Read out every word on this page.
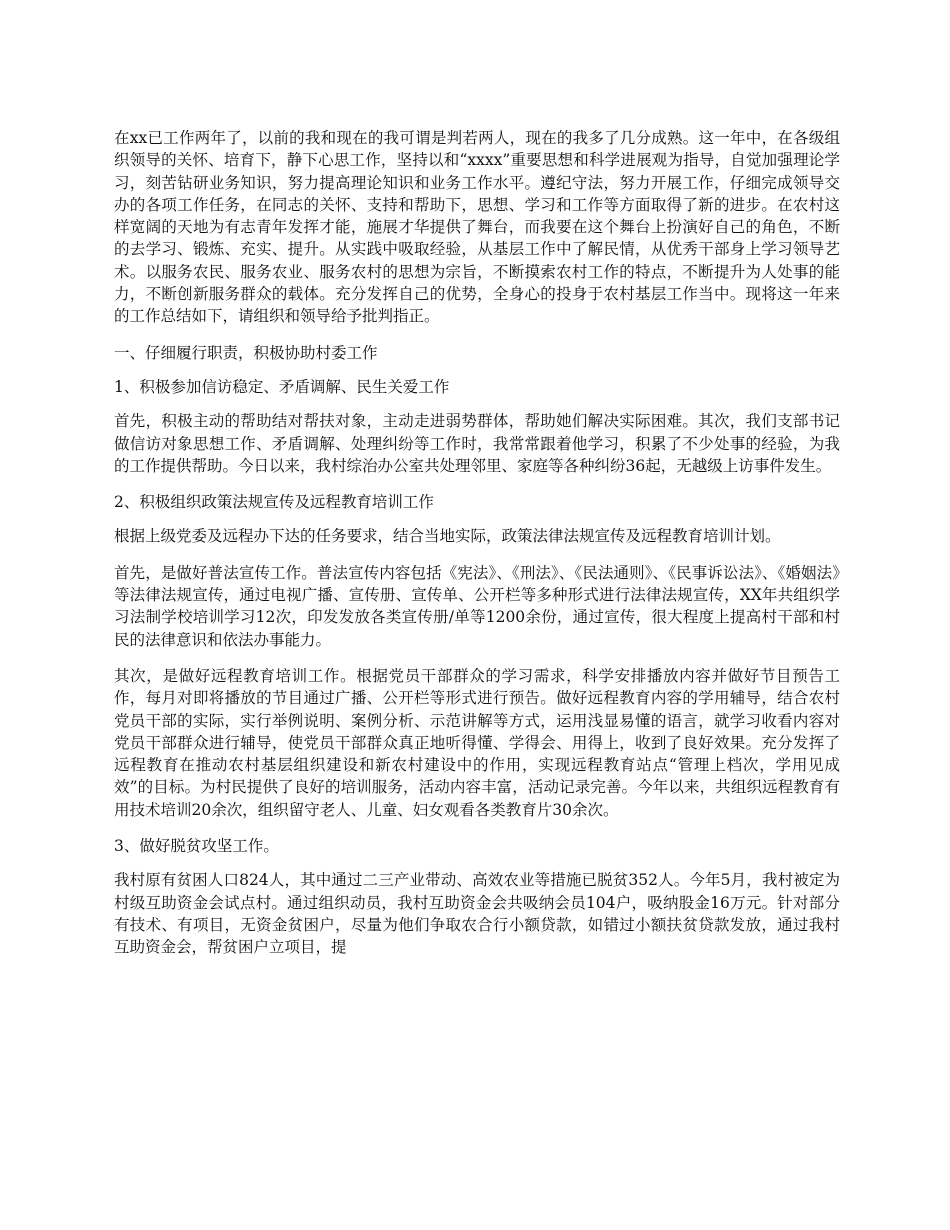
在xx已工作两年了，以前的我和现在的我可谓是判若两人，现在的我多了几分成熟。这一年中，在各级组织领导的关怀、培育下，静下心思工作，坚持以和“xxxx”重要思想和科学进展观为指导，自觉加强理论学习，刻苦钻研业务知识，努力提高理论知识和业务工作水平。遵纪守法，努力开展工作，仔细完成领导交办的各项工作任务，在同志的关怀、支持和帮助下，思想、学习和工作等方面取得了新的进步。在农村这样宽阔的天地为有志青年发挥才能，施展才华提供了舞台，而我要在这个舞台上扮演好自己的角色，不断的去学习、锻炼、充实、提升。从实践中吸取经验，从基层工作中了解民情，从优秀干部身上学习领导艺术。以服务农民、服务农业、服务农村的思想为宗旨，不断摸索农村工作的特点，不断提升为人处事的能力，不断创新服务群众的载体。充分发挥自己的优势，全身心的投身于农村基层工作当中。现将这一年来的工作总结如下，请组织和领导给予批判指正。

一、仔细履行职责，积极协助村委工作

1、积极参加信访稳定、矛盾调解、民生关爱工作

首先，积极主动的帮助结对帮扶对象，主动走进弱势群体，帮助她们解决实际困难。其次，我们支部书记做信访对象思想工作、矛盾调解、处理纠纷等工作时，我常常跟着他学习，积累了不少处事的经验，为我的工作提供帮助。今日以来，我村综治办公室共处理邻里、家庭等各种纠纷36起，无越级上访事件发生。

2、积极组织政策法规宣传及远程教育培训工作

根据上级党委及远程办下达的任务要求，结合当地实际，政策法律法规宣传及远程教育培训计划。

首先，是做好普法宣传工作。普法宣传内容包括《宪法》、《刑法》、《民法通则》、《民事诉讼法》、《婚姻法》等法律法规宣传，通过电视广播、宣传册、宣传单、公开栏等多种形式进行法律法规宣传，XX年共组织学习法制学校培训学习12次，印发发放各类宣传册/单等1200余份，通过宣传，很大程度上提高村干部和村民的法律意识和依法办事能力。

其次，是做好远程教育培训工作。根据党员干部群众的学习需求，科学安排播放内容并做好节目预告工作，每月对即将播放的节目通过广播、公开栏等形式进行预告。做好远程教育内容的学用辅导，结合农村党员干部的实际，实行举例说明、案例分析、示范讲解等方式，运用浅显易懂的语言，就学习收看内容对党员干部群众进行辅导，使党员干部群众真正地听得懂、学得会、用得上，收到了良好效果。充分发挥了远程教育在推动农村基层组织建设和新农村建设中的作用，实现远程教育站点“管理上档次，学用见成效”的目标。为村民提供了良好的培训服务，活动内容丰富，活动记录完善。今年以来，共组织远程教育有用技术培训20余次，组织留守老人、儿童、妇女观看各类教育片30余次。

3、做好脱贫攻坚工作。

我村原有贫困人口824人，其中通过二三产业带动、高效农业等措施已脱贫352人。今年5月，我村被定为村级互助资金会试点村。通过组织动员，我村互助资金会共吸纳会员104户，吸纳股金16万元。针对部分有技术、有项目，无资金贫困户，尽量为他们争取农合行小额贷款，如错过小额扶贫贷款发放，通过我村互助资金会，帮贫困户立项目，提
